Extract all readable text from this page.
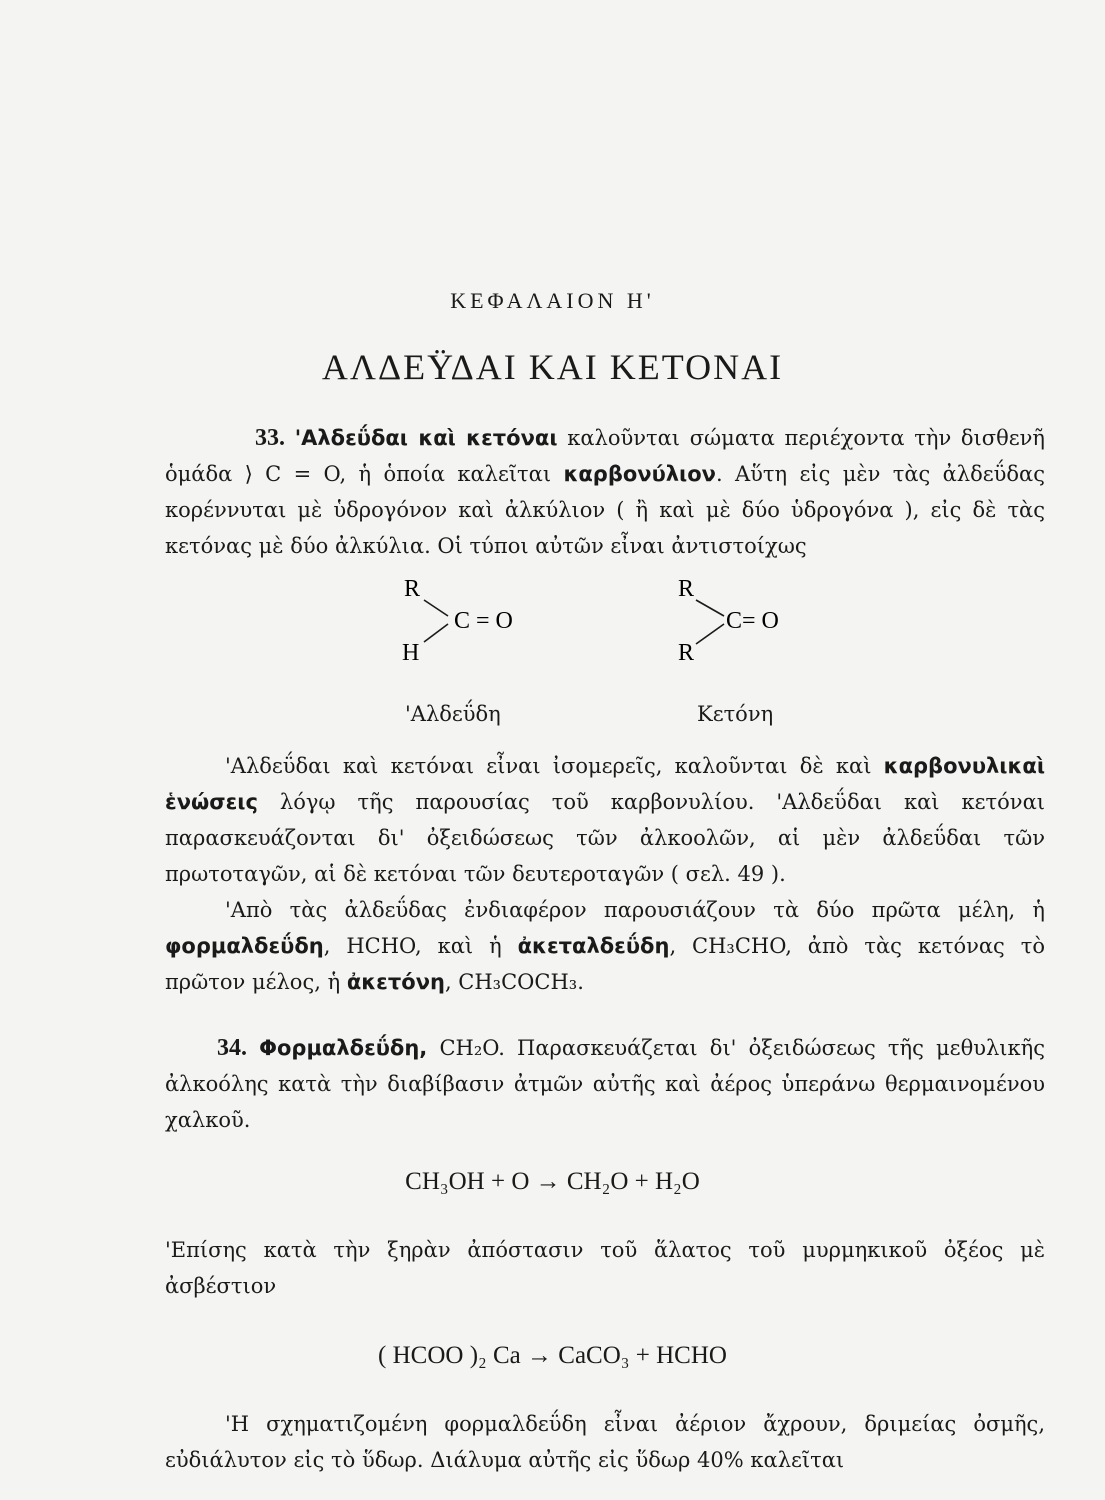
ΚΕΦΑΛΑΙΟΝ Η'
ΑΛΔΕΫΔΑΙ ΚΑΙ ΚΕΤΟΝΑΙ

33. 'Αλδεΰδαι καὶ κετόναι καλοῦνται σώματα περιέχοντα τὴν δισθενῆ ὁμάδα ⟩ C = O, ἡ ὁποία καλεῖται καρβονύλιον. Αὕτη εἰς μὲν τὰς ἀλδεΰδας κορέννυται μὲ ὑδρογόνον καὶ ἀλκύλιον ( ἢ καὶ μὲ δύο ὑδρογόνα ), εἰς δὲ τὰς κετόνας μὲ δύο ἀλκύλια. Οἱ τύποι αὐτῶν εἶναι ἀντιστοίχως

R
C = O
H
R
C= O
R
'Αλδεΰδη	Κετόνη

'Αλδεΰδαι καὶ κετόναι εἶναι ἰσομερεῖς, καλοῦνται δὲ καὶ καρβονυλικαὶ ἑνώσεις λόγῳ τῆς παρουσίας τοῦ καρβονυλίου. 'Αλδεΰδαι καὶ κετόναι παρασκευάζονται δι' ὀξειδώσεως τῶν ἀλκοολῶν, αἱ μὲν ἀλδεΰδαι τῶν πρωτοταγῶν, αἱ δὲ κετόναι τῶν δευτεροταγῶν ( σελ. 49 ).

'Απὸ τὰς ἀλδεΰδας ἐνδιαφέρον παρουσιάζουν τὰ δύο πρῶτα μέλη, ἡ φορμαλδεΰδη, HCHO, καὶ ἡ ἀκεταλδεΰδη, CH₃CHO, ἀπὸ τὰς κετόνας τὸ πρῶτον μέλος, ἡ ἀκετόνη, CH₃COCH₃.

34. Φορμαλδεΰδη, CH₂O. Παρασκευάζεται δι' ὀξειδώσεως τῆς μεθυλικῆς ἀλκοόλης κατὰ τὴν διαβίβασιν ἀτμῶν αὐτῆς καὶ ἀέρος ὑπεράνω θερμαινομένου χαλκοῦ.

CH₃OH + O → CH₂O + H₂O

'Επίσης κατὰ τὴν ξηρὰν ἀπόστασιν τοῦ ἅλατος τοῦ μυρμηκικοῦ ὀξέος μὲ ἀσβέστιον

( HCOO )₂ Ca → CaCO₃ + HCHO

'Η σχηματιζομένη φορμαλδεΰδη εἶναι ἀέριον ἄχρουν, δριμείας ὀσμῆς, εὐδιάλυτον εἰς τὸ ὕδωρ. Διάλυμα αὐτῆς εἰς ὕδωρ 40% καλεῖται
